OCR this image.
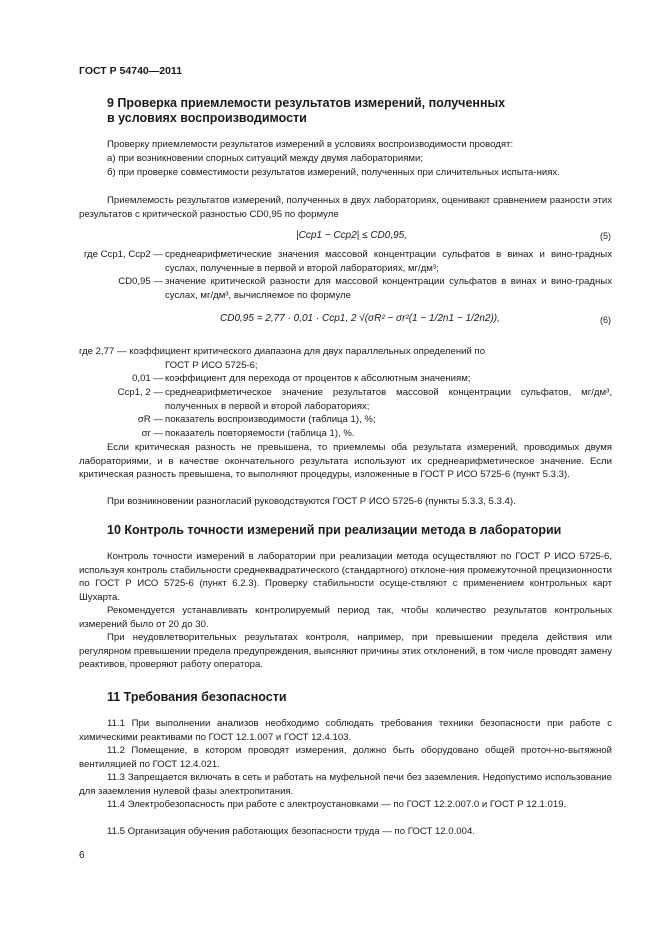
ГОСТ Р 54740—2011
9 Проверка приемлемости результатов измерений, полученных
в условиях воспроизводимости
Проверку приемлемости результатов измерений в условиях воспроизводимости проводят:
а) при возникновении спорных ситуаций между двумя лабораториями;
б) при проверке совместимости результатов измерений, полученных при сличительных испыта-ниях.
Приемлемость результатов измерений, полученных в двух лабораториях, оценивают сравнением разности этих результатов с критической разностью CD0,95 по формуле
|Cср1 − Cср2| ≤ CD0,95,	(5)
где Cср1, Cср2 — среднеарифметические значения массовой концентрации сульфатов в винах и вино-градных суслах, полученные в первой и второй лабораториях, мг/дм³;
CD0,95 — значение критической разности для массовой концентрации сульфатов в винах и вино-градных суслах, мг/дм³, вычисляемое по формуле
CD0,95 = 2,77 · 0,01 · Cср1, 2 √(σR² − σr²(1 − 1/2n1 − 1/2n2)),	(6)
где 2,77 — коэффициент критического диапазона для двух параллельных определений по
ГОСТ Р ИСО 5725-6;
0,01 — коэффициент для перехода от процентов к абсолютным значениям;
Cср1, 2 — среднеарифметическое значение результатов массовой концентрации сульфатов, мг/дм³, полученных в первой и второй лабораториях;
σR — показатель воспроизводимости (таблица 1), %;
σr — показатель повторяемости (таблица 1), %.
Если критическая разность не превышена, то приемлемы оба результата измерений, проводимых двумя лабораториями, и в качестве окончательного результата используют их среднеарифметическое значение. Если критическая разность превышена, то выполняют процедуры, изложенные в ГОСТ Р ИСО 5725-6 (пункт 5.3.3).
При возникновении разногласий руководствуются ГОСТ Р ИСО 5725-6 (пункты 5.3.3, 5.3.4).
10 Контроль точности измерений при реализации метода в лаборатории
Контроль точности измерений в лаборатории при реализации метода осуществляют по ГОСТ Р ИСО 5725-6, используя контроль стабильности среднеквадратического (стандартного) отклоне-ния промежуточной прецизионности по ГОСТ Р ИСО 5725-6 (пункт 6.2.3). Проверку стабильности осуще-ствляют с применением контрольных карт Шухарта.
Рекомендуется устанавливать контролируемый период так, чтобы количество результатов контрольных измерений было от 20 до 30.
При неудовлетворительных результатах контроля, например, при превышении предела действия или регулярном превышении предела предупреждения, выясняют причины этих отклонений, в том числе проводят замену реактивов, проверяют работу оператора.
11 Требования безопасности
11.1 При выполнении анализов необходимо соблюдать требования техники безопасности при работе с химическими реактивами по ГОСТ 12.1.007 и ГОСТ 12.4.103.
11.2 Помещение, в котором проводят измерения, должно быть оборудовано общей проточ-но-вытяжной вентиляцией по ГОСТ 12.4.021.
11.3 Запрещается включать в сеть и работать на муфельной печи без заземления. Недопустимо использование для заземления нулевой фазы электропитания.
11.4 Электробезопасность при работе с электроустановками — по ГОСТ 12.2.007.0 и ГОСТ Р 12.1.019.
11.5 Организация обучения работающих безопасности труда — по ГОСТ 12.0.004.
6
